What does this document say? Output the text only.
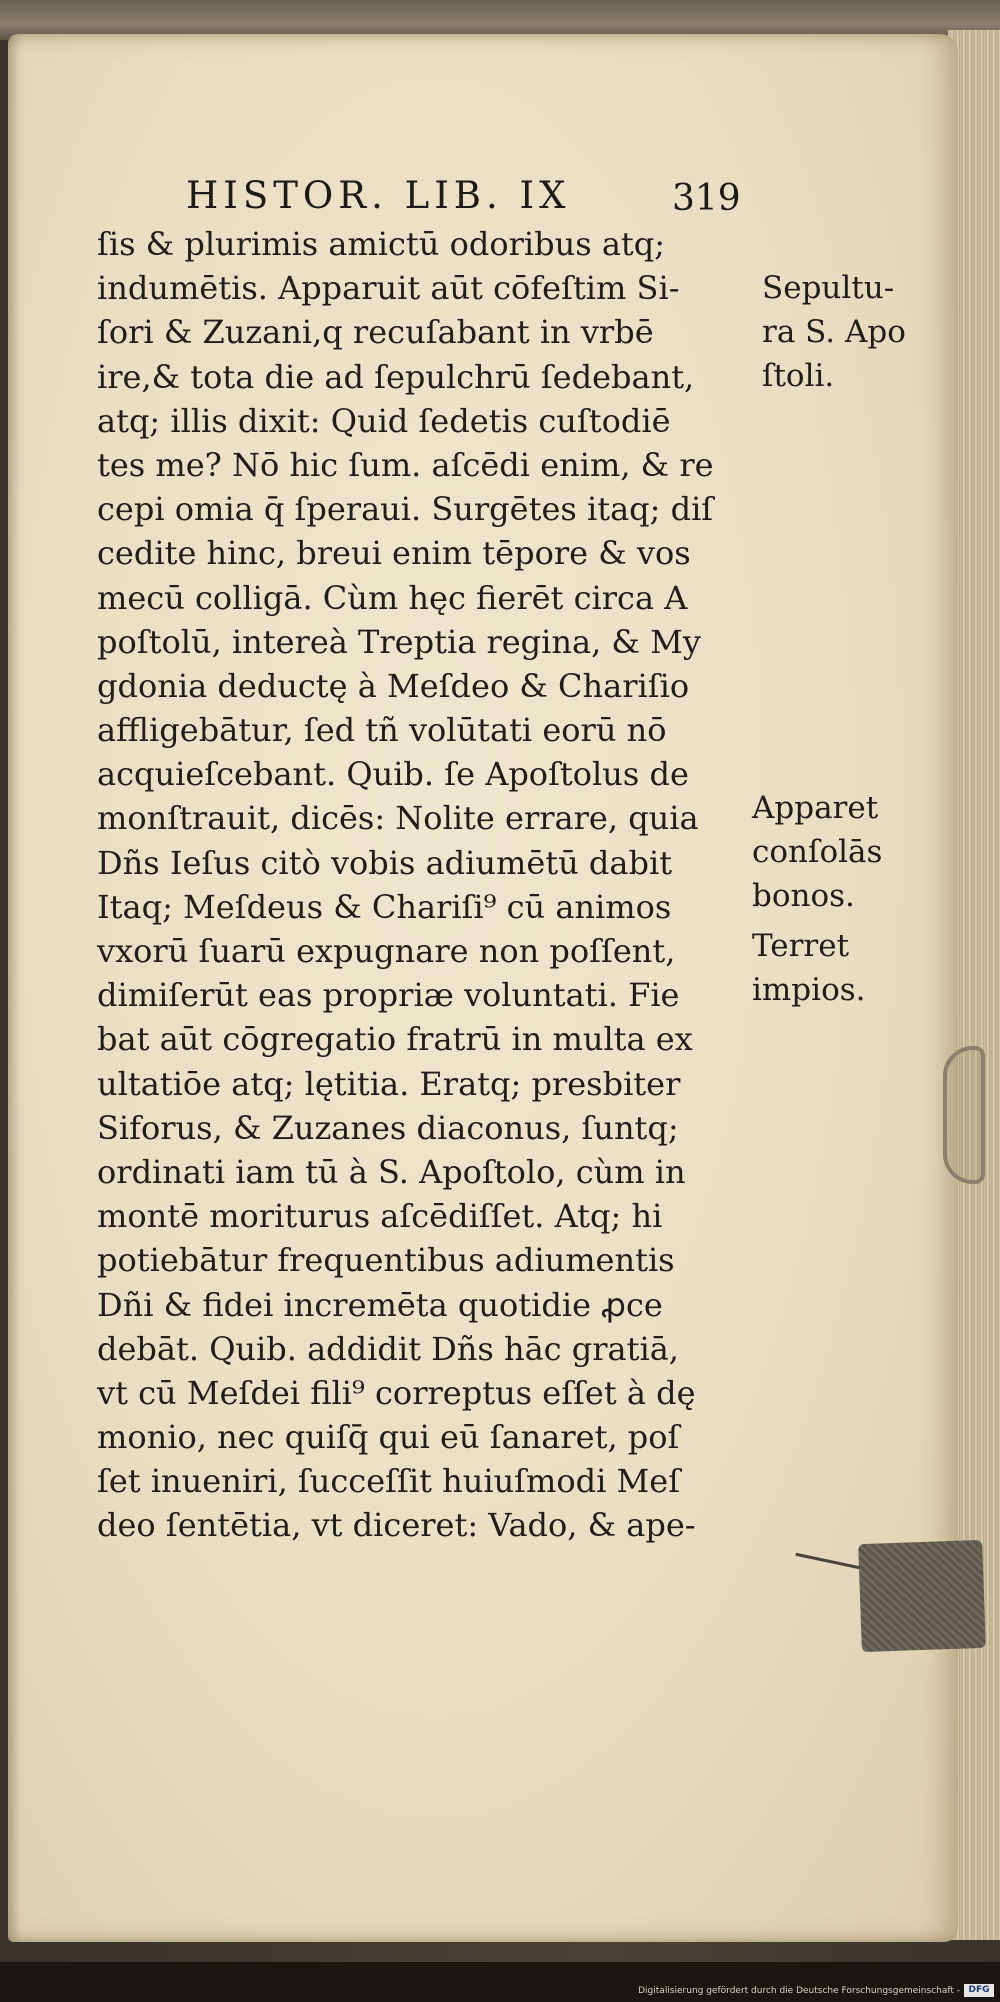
HISTOR. LIB. IX	319
ſis & plurimis amictū odoribus atq;
indumētis. Apparuit aūt cōfeſtim Si-
ſori & Zuzani,q recuſabant in vrbē
ire,& tota die ad ſepulchrū ſedebant,
atq; illis dixit: Quid ſedetis cuſtodiē
tes me? Nō hic ſum. aſcēdi enim, & re
cepi omia q̄ ſperaui. Surgētes itaq; diſ
cedite hinc, breui enim tēpore & vos
mecū colligā. Cùm hęc fierēt circa A
poſtolū, intereà Treptia regina, & My
gdonia deductę à Meſdeo & Chariſio
affligebātur, ſed tñ volūtati eorū nō
acquieſcebant. Quib. ſe Apoſtolus de
monſtrauit, dicēs: Nolite errare, quia
Dñs Ieſus citò vobis adiumētū dabit
Itaq; Meſdeus & Chariſi⁹ cū animos
vxorū ſuarū expugnare non poſſent,
dimiſerūt eas propriæ voluntati. Fie
bat aūt cōgregatio fratrū in multa ex
ultatiōe atq; lętitia. Eratq; presbiter
Siforus, & Zuzanes diaconus, ſuntq;
ordinati iam tū à S. Apoſtolo, cùm in
montē moriturus aſcēdiſſet. Atq; hi
potiebātur frequentibus adiumentis
Dñi & fidei incremēta quotidie ꝓce
debāt. Quib. addidit Dñs hāc gratiā,
vt cū Meſdei fili⁹ correptus eſſet à dę
monio, nec quiſq̄ qui eū ſanaret, poſ
ſet inueniri, ſucceſſit huiuſmodi Meſ
deo ſentētia, vt diceret: Vado, & ape-
Sepultu-
ra S. Apo
ſtoli.
Apparet
conſolās
bonos.
Terret
impios.
Digitalisierung gefördert durch die Deutsche Forschungsgemeinschaft - DFG
